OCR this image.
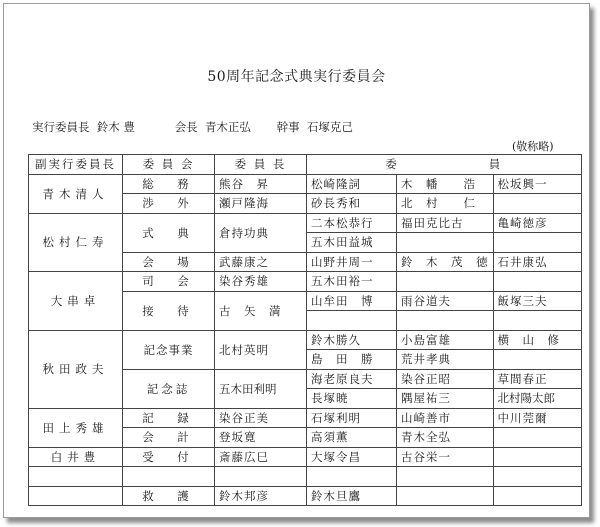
50周年記念式典実行委員会
実行委員長 鈴木 豊	会長 青木正弘 幹事 石塚克己
(敬称略)
副実行委員長	委 員 会	委 員 長	委 員		
青木清人	総　務	熊谷　昇	松崎隆詞	木　幡　　浩	松坂興一
	渉　外	瀬戸隆海	砂長秀和	北　村　　仁	
松村仁寿	式　典	倉持功典	二本松恭行	福田克比古	亀崎徳彦
			五木田益城		
	会　場	武藤康之	山野井周一	鈴　木　茂　徳	石井康弘
大串卓	司　会	染谷秀雄	五木田裕一		
	接　待	古　矢　満	山牟田　博	雨谷道夫	飯塚三夫

秋田政夫	記念事業	北村英明	鈴木勝久	小島富雄	横　山　修
			島　田　勝	荒井孝典	
	記念誌	五木田利明	海老原良夫	染谷正昭	草間春正
			長塚暁	隅屋祐三	北村陽太郎
田上秀雄	記　録	染谷正美	石塚利明	山崎善市	中川莞爾
	会　計	登坂寛	高須薫	青木全弘	
白井豊	受　付	斎藤広巳	大塚令昌	古谷栄一	

	救　護	鈴木邦彦	鈴木旦鷹		
